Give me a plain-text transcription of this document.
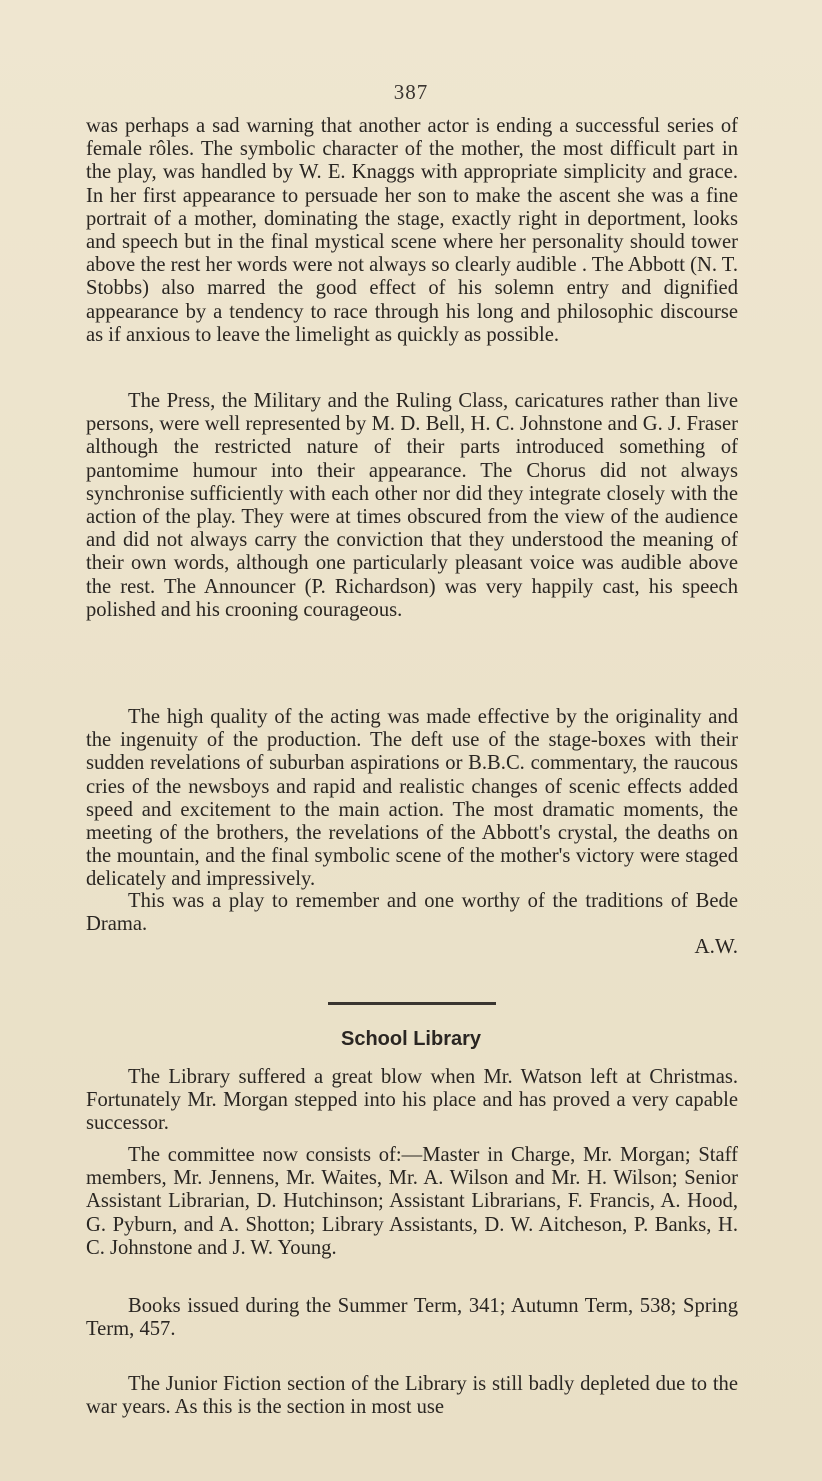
387

was perhaps a sad warning that another actor is ending a successful series of female rôles. The symbolic character of the mother, the most difficult part in the play, was handled by W. E. Knaggs with appropriate simplicity and grace. In her first appearance to persuade her son to make the ascent she was a fine portrait of a mother, dominating the stage, exactly right in deportment, looks and speech but in the final mystical scene where her personality should tower above the rest her words were not always so clearly audible . The Abbott (N. T. Stobbs) also marred the good effect of his solemn entry and dignified appearance by a tendency to race through his long and philosophic discourse as if anxious to leave the limelight as quickly as possible.

The Press, the Military and the Ruling Class, caricatures rather than live persons, were well represented by M. D. Bell, H. C. Johnstone and G. J. Fraser although the restricted nature of their parts introduced something of pantomime humour into their appearance. The Chorus did not always synchronise sufficiently with each other nor did they integrate closely with the action of the play. They were at times obscured from the view of the audience and did not always carry the conviction that they understood the meaning of their own words, although one particularly pleasant voice was audible above the rest. The Announcer (P. Richardson) was very happily cast, his speech polished and his crooning courageous.

The high quality of the acting was made effective by the originality and the ingenuity of the production. The deft use of the stage-boxes with their sudden revelations of suburban aspirations or B.B.C. commentary, the raucous cries of the newsboys and rapid and realistic changes of scenic effects added speed and excitement to the main action. The most dramatic moments, the meeting of the brothers, the revelations of the Abbott's crystal, the deaths on the mountain, and the final symbolic scene of the mother's victory were staged delicately and impressively.

This was a play to remember and one worthy of the traditions of Bede Drama.

A.W.
School Library

The Library suffered a great blow when Mr. Watson left at Christmas. Fortunately Mr. Morgan stepped into his place and has proved a very capable successor.

The committee now consists of:—Master in Charge, Mr. Morgan; Staff members, Mr. Jennens, Mr. Waites, Mr. A. Wilson and Mr. H. Wilson; Senior Assistant Librarian, D. Hutchinson; Assistant Librarians, F. Francis, A. Hood, G. Pyburn, and A. Shotton; Library Assistants, D. W. Aitcheson, P. Banks, H. C. Johnstone and J. W. Young.

Books issued during the Summer Term, 341; Autumn Term, 538; Spring Term, 457.

The Junior Fiction section of the Library is still badly depleted due to the war years. As this is the section in most use
